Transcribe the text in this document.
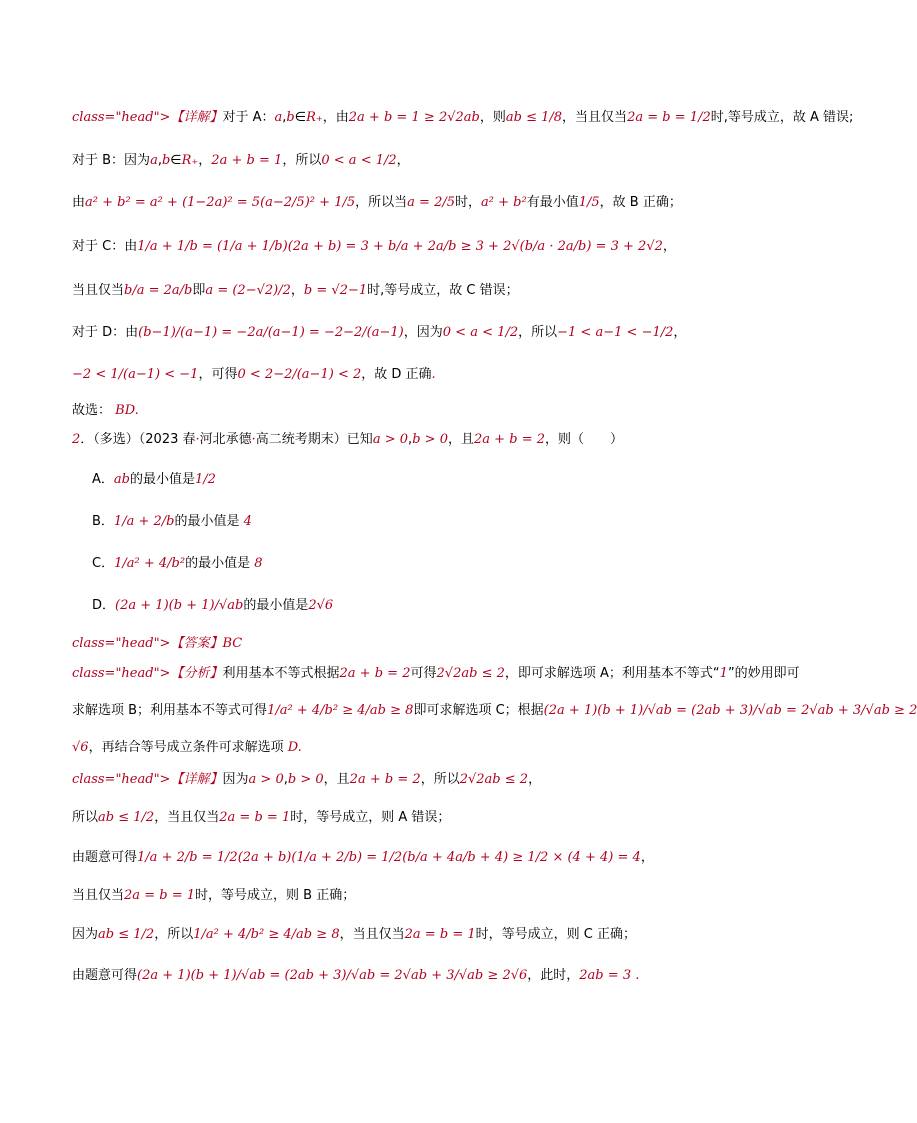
class="head">【详解】对于 A：a,b∈R₊，由2a + b = 1 ≥ 2√2ab，则ab ≤ 1/8，当且仅当2a = b = 1/2时,等号成立，故 A 错误;
对于 B：因为a,b∈R₊，2a + b = 1，所以0 < a < 1/2，
由a² + b² = a² + (1−2a)² = 5(a−2/5)² + 1/5，所以当a = 2/5时，a² + b²有最小值1/5，故 B 正确；
对于 C：由1/a + 1/b = (1/a + 1/b)(2a + b) = 3 + b/a + 2a/b ≥ 3 + 2√(b/a · 2a/b) = 3 + 2√2，
当且仅当b/a = 2a/b即a = (2−√2)/2，b = √2−1时,等号成立，故 C 错误；
对于 D：由(b−1)/(a−1) = −2a/(a−1) = −2−2/(a−1)，因为0 < a < 1/2，所以−1 < a−1 < −1/2，
−2 < 1/(a−1) < −1，可得0 < 2−2/(a−1) < 2，故 D 正确.
故选： BD.
2．（多选）（2023 春·河北承德·高二统考期末）已知a > 0,b > 0，且2a + b = 2，则（　　）
A．ab的最小值是1/2
B．1/a + 2/b的最小值是 4
C．1/a² + 4/b²的最小值是 8
D．(2a + 1)(b + 1)/√ab的最小值是2√6
class="head">【答案】BC
class="head">【分析】利用基本不等式根据2a + b = 2可得2√2ab ≤ 2，即可求解选项 A；利用基本不等式“1”的妙用即可
求解选项 B；利用基本不等式可得1/a² + 4/b² ≥ 4/ab ≥ 8即可求解选项 C；根据(2a + 1)(b + 1)/√ab = (2ab + 3)/√ab = 2√ab + 3/√ab ≥ 2
√6，再结合等号成立条件可求解选项 D.
class="head">【详解】因为a > 0,b > 0，且2a + b = 2，所以2√2ab ≤ 2，
所以ab ≤ 1/2，当且仅当2a = b = 1时，等号成立，则 A 错误；
由题意可得1/a + 2/b = 1/2(2a + b)(1/a + 2/b) = 1/2(b/a + 4a/b + 4) ≥ 1/2 × (4 + 4) = 4，
当且仅当2a = b = 1时，等号成立，则 B 正确；
因为ab ≤ 1/2，所以1/a² + 4/b² ≥ 4/ab ≥ 8，当且仅当2a = b = 1时，等号成立，则 C 正确；
由题意可得(2a + 1)(b + 1)/√ab = (2ab + 3)/√ab = 2√ab + 3/√ab ≥ 2√6，此时，2ab = 3 .
